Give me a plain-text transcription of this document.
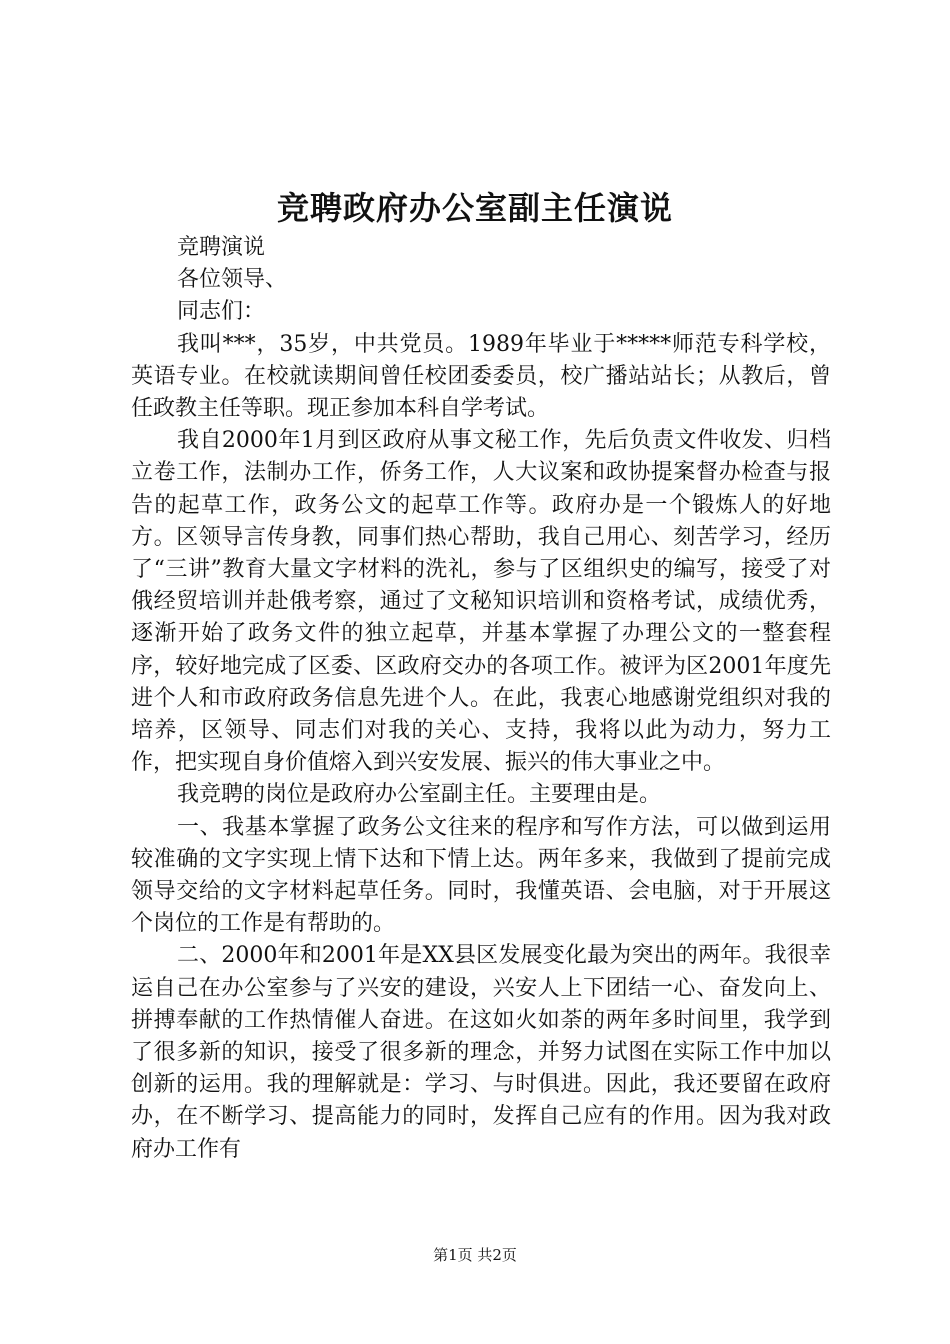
竞聘政府办公室副主任演说

竞聘演说

各位领导、

同志们：

我叫***，35岁，中共党员。1989年毕业于*****师范专科学校，英语专业。在校就读期间曾任校团委委员，校广播站站长；从教后，曾任政教主任等职。现正参加本科自学考试。

我自2000年1月到区政府从事文秘工作，先后负责文件收发、归档立卷工作，法制办工作，侨务工作，人大议案和政协提案督办检查与报告的起草工作，政务公文的起草工作等。政府办是一个锻炼人的好地方。区领导言传身教，同事们热心帮助，我自己用心、刻苦学习，经历了“三讲”教育大量文字材料的洗礼，参与了区组织史的编写，接受了对俄经贸培训并赴俄考察，通过了文秘知识培训和资格考试，成绩优秀，逐渐开始了政务文件的独立起草，并基本掌握了办理公文的一整套程序，较好地完成了区委、区政府交办的各项工作。被评为区2001年度先进个人和市政府政务信息先进个人。在此，我衷心地感谢党组织对我的培养，区领导、同志们对我的关心、支持，我将以此为动力，努力工作，把实现自身价值熔入到兴安发展、振兴的伟大事业之中。

我竞聘的岗位是政府办公室副主任。主要理由是。

一、我基本掌握了政务公文往来的程序和写作方法，可以做到运用较准确的文字实现上情下达和下情上达。两年多来，我做到了提前完成领导交给的文字材料起草任务。同时，我懂英语、会电脑，对于开展这个岗位的工作是有帮助的。

二、2000年和2001年是XX县区发展变化最为突出的两年。我很幸运自己在办公室参与了兴安的建设，兴安人上下团结一心、奋发向上、拼搏奉献的工作热情催人奋进。在这如火如荼的两年多时间里，我学到了很多新的知识，接受了很多新的理念，并努力试图在实际工作中加以创新的运用。我的理解就是：学习、与时俱进。因此，我还要留在政府办，在不断学习、提高能力的同时，发挥自己应有的作用。因为我对政府办工作有

第1页 共2页
